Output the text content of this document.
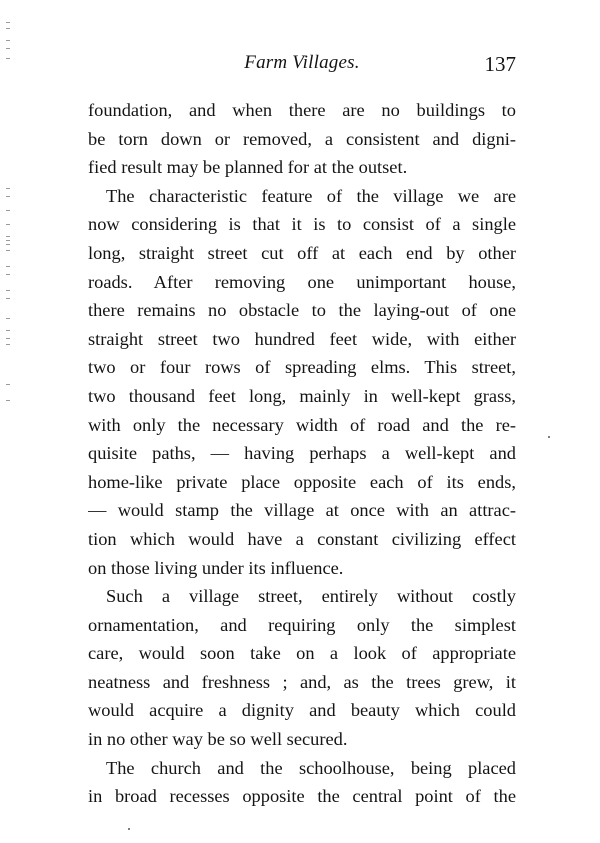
Farm Villages.	137
foundation, and when there are no buildings to
be torn down or removed, a consistent and digni-
fied result may be planned for at the outset.
The characteristic feature of the village we are
now considering is that it is to consist of a single
long, straight street cut off at each end by other
roads. After removing one unimportant house,
there remains no obstacle to the laying-out of one
straight street two hundred feet wide, with either
two or four rows of spreading elms. This street,
two thousand feet long, mainly in well-kept grass,
with only the necessary width of road and the re-
quisite paths, — having perhaps a well-kept and
home-like private place opposite each of its ends,
— would stamp the village at once with an attrac-
tion which would have a constant civilizing effect
on those living under its influence.
Such a village street, entirely without costly
ornamentation, and requiring only the simplest
care, would soon take on a look of appropriate
neatness and freshness ; and, as the trees grew, it
would acquire a dignity and beauty which could
in no other way be so well secured.
The church and the schoolhouse, being placed
in broad recesses opposite the central point of the
